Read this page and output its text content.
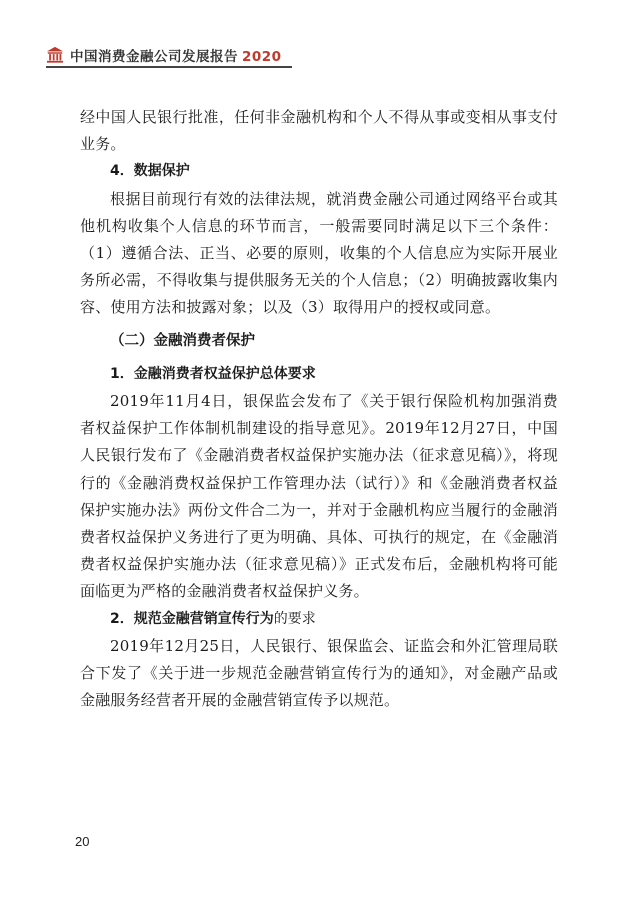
中国消费金融公司发展报告 2020

经中国人民银行批准，任何非金融机构和个人不得从事或变相从事支付业务。

4．数据保护

根据目前现行有效的法律法规，就消费金融公司通过网络平台或其他机构收集个人信息的环节而言，一般需要同时满足以下三个条件：（1）遵循合法、正当、必要的原则，收集的个人信息应为实际开展业务所必需，不得收集与提供服务无关的个人信息；（2）明确披露收集内容、使用方法和披露对象；以及（3）取得用户的授权或同意。

（二）金融消费者保护

1．金融消费者权益保护总体要求

2019年11月4日，银保监会发布了《关于银行保险机构加强消费者权益保护工作体制机制建设的指导意见》。2019年12月27日，中国人民银行发布了《金融消费者权益保护实施办法（征求意见稿）》，将现行的《金融消费权益保护工作管理办法（试行）》和《金融消费者权益保护实施办法》两份文件合二为一，并对于金融机构应当履行的金融消费者权益保护义务进行了更为明确、具体、可执行的规定，在《金融消费者权益保护实施办法（征求意见稿）》正式发布后，金融机构将可能面临更为严格的金融消费者权益保护义务。

2．规范金融营销宣传行为的要求

2019年12月25日，人民银行、银保监会、证监会和外汇管理局联合下发了《关于进一步规范金融营销宣传行为的通知》，对金融产品或金融服务经营者开展的金融营销宣传予以规范。

20
